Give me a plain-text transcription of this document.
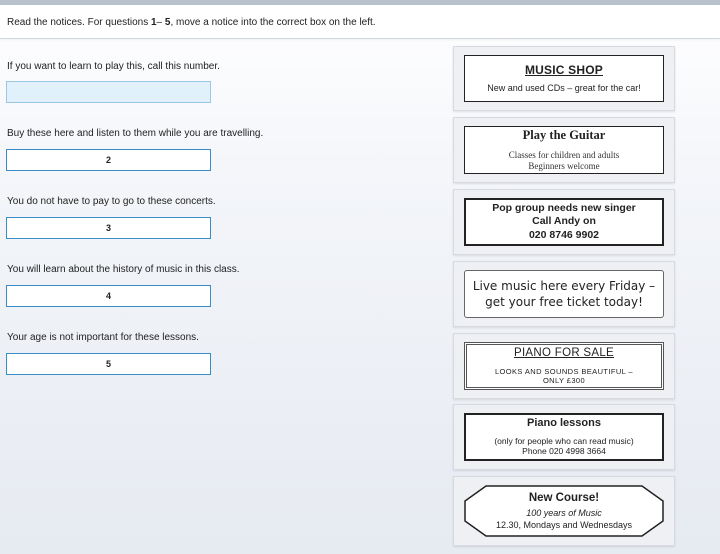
Read the notices. For questions 1– 5, move a notice into the correct box on the left.
If you want to learn to play this, call this number.
Buy these here and listen to them while you are travelling.
2
You do not have to pay to go to these concerts.
3
You will learn about the history of music in this class.
4
Your age is not important for these lessons.
5
MUSIC SHOP
New and used CDs – great for the car!
Play the Guitar
Classes for children and adults
Beginners welcome
Pop group needs new singer
Call Andy on
020 8746 9902
Live music here every Friday –
get your free ticket today!
PIANO FOR SALE
LOOKS AND SOUNDS BEAUTIFUL –
ONLY £300
Piano lessons
(only for people who can read music)
Phone 020 4998 3664
New Course!
100 years of Music
12.30, Mondays and Wednesdays
